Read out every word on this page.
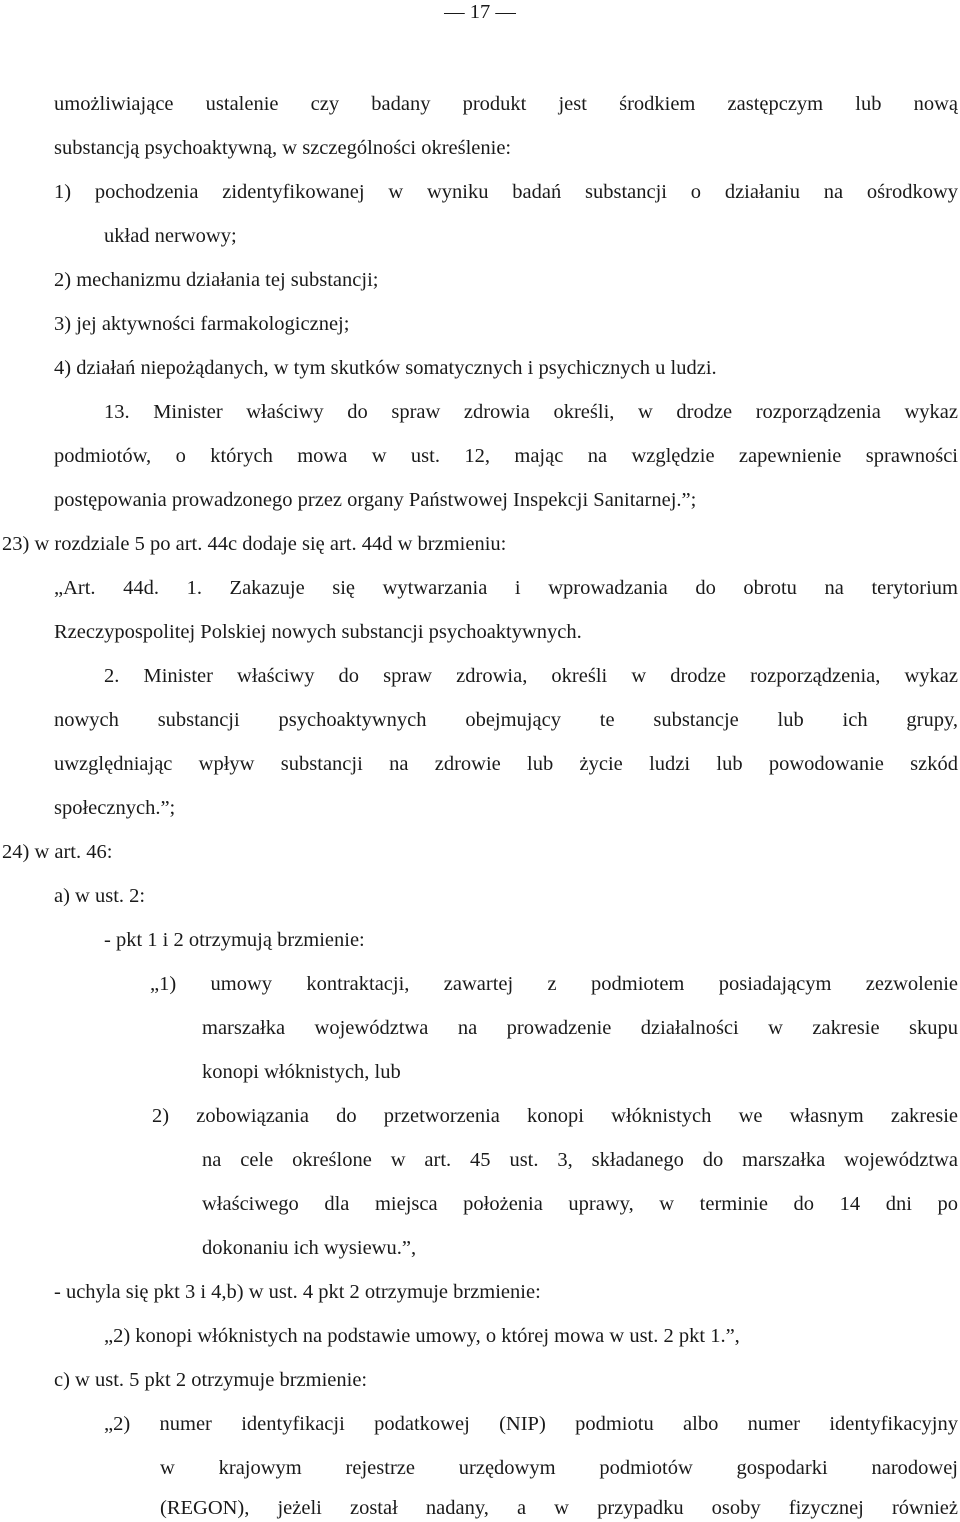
— 17 —
umożliwiające ustalenie czy badany produkt jest środkiem zastępczym lub nową
substancją psychoaktywną, w szczególności określenie:
1) pochodzenia zidentyfikowanej w wyniku badań substancji o działaniu na ośrodkowy
układ nerwowy;
2) mechanizmu działania tej substancji;
3) jej aktywności farmakologicznej;
4) działań niepożądanych, w tym skutków somatycznych i psychicznych u ludzi.
13. Minister właściwy do spraw zdrowia określi, w drodze rozporządzenia wykaz
podmiotów, o których mowa w ust. 12, mając na względzie zapewnienie sprawności
postępowania prowadzonego przez organy Państwowej Inspekcji Sanitarnej.”;
23) w rozdziale 5 po art. 44c dodaje się art. 44d w brzmieniu:
„Art. 44d. 1. Zakazuje się wytwarzania i wprowadzania do obrotu na terytorium
Rzeczypospolitej Polskiej nowych substancji psychoaktywnych.
2. Minister właściwy do spraw zdrowia, określi w drodze rozporządzenia, wykaz
nowych substancji psychoaktywnych obejmujący te substancje lub ich grupy,
uwzględniając wpływ substancji na zdrowie lub życie ludzi lub powodowanie szkód
społecznych.”;
24) w art. 46:
a) w ust. 2:
- pkt 1 i 2 otrzymują brzmienie:
„1) umowy kontraktacji, zawartej z podmiotem posiadającym zezwolenie
marszałka województwa na prowadzenie działalności w zakresie skupu
konopi włóknistych, lub
2) zobowiązania do przetworzenia konopi włóknistych we własnym zakresie
na cele określone w art. 45 ust. 3, składanego do marszałka województwa
właściwego dla miejsca położenia uprawy, w terminie do 14 dni po
dokonaniu ich wysiewu.”,
- uchyla się pkt 3 i 4,b) w ust. 4 pkt 2 otrzymuje brzmienie:
„2) konopi włóknistych na podstawie umowy, o której mowa w ust. 2 pkt 1.”,
c) w ust. 5 pkt 2 otrzymuje brzmienie:
„2) numer identyfikacji podatkowej (NIP) podmiotu albo numer identyfikacyjny
w krajowym rejestrze urzędowym podmiotów gospodarki narodowej
(REGON), jeżeli został nadany, a w przypadku osoby fizycznej również
